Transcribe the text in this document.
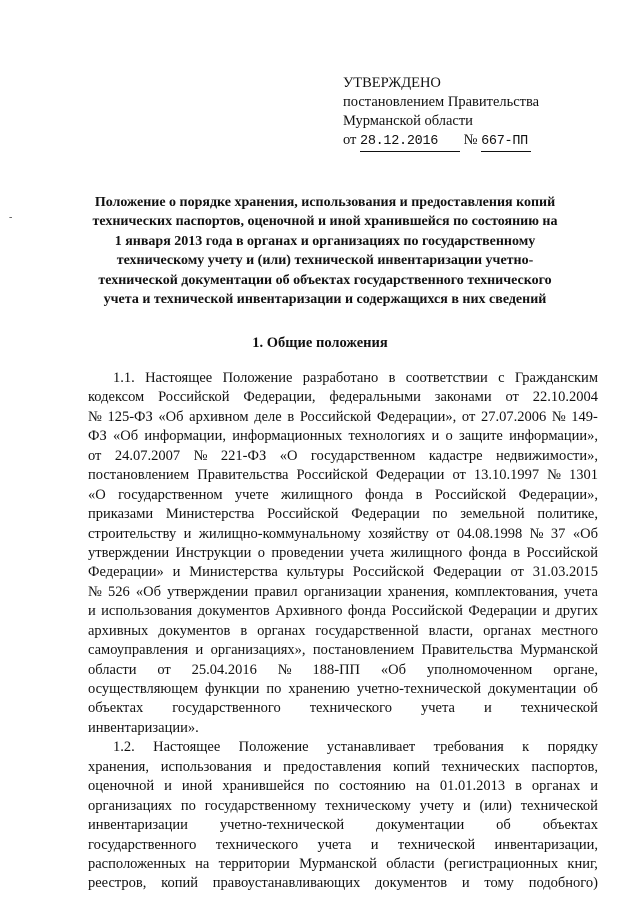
-
УТВЕРЖДЕНО
постановлением Правительства
Мурманской области
от 28.12.2016 № 667-ПП
Положение о порядке хранения, использования и предоставления копий
технических паспортов, оценочной и иной хранившейся по состоянию на
1 января 2013 года в органах и организациях по государственному
техническому учету и (или) технической инвентаризации учетно-
технической документации об объектах государственного технического
учета и технической инвентаризации и содержащихся в них сведений
1. Общие положения
1.1. Настоящее Положение разработано в соответствии с Гражданским
кодексом Российской Федерации, федеральными законами от 22.10.2004
№ 125-ФЗ «Об архивном деле в Российской Федерации», от 27.07.2006 № 149-
ФЗ «Об информации, информационных технологиях и о защите информации»,
от 24.07.2007 № 221-ФЗ «О государственном кадастре недвижимости»,
постановлением Правительства Российской Федерации от 13.10.1997 № 1301
«О государственном учете жилищного фонда в Российской Федерации»,
приказами Министерства Российской Федерации по земельной политике,
строительству и жилищно-коммунальному хозяйству от 04.08.1998 № 37 «Об
утверждении Инструкции о проведении учета жилищного фонда в Российской
Федерации» и Министерства культуры Российской Федерации от 31.03.2015
№ 526 «Об утверждении правил организации хранения, комплектования, учета
и использования документов Архивного фонда Российской Федерации и других
архивных документов в органах государственной власти, органах местного
самоуправления и организациях», постановлением Правительства Мурманской
области от 25.04.2016 № 188-ПП «Об уполномоченном органе,
осуществляющем функции по хранению учетно-технической документации об
объектах государственного технического учета и технической
инвентаризации».
1.2. Настоящее Положение устанавливает требования к порядку
хранения, использования и предоставления копий технических паспортов,
оценочной и иной хранившейся по состоянию на 01.01.2013 в органах и
организациях по государственному техническому учету и (или) технической
инвентаризации учетно-технической документации об объектах
государственного технического учета и технической инвентаризации,
расположенных на территории Мурманской области (регистрационных книг,
реестров, копий правоустанавливающих документов и тому подобного)
